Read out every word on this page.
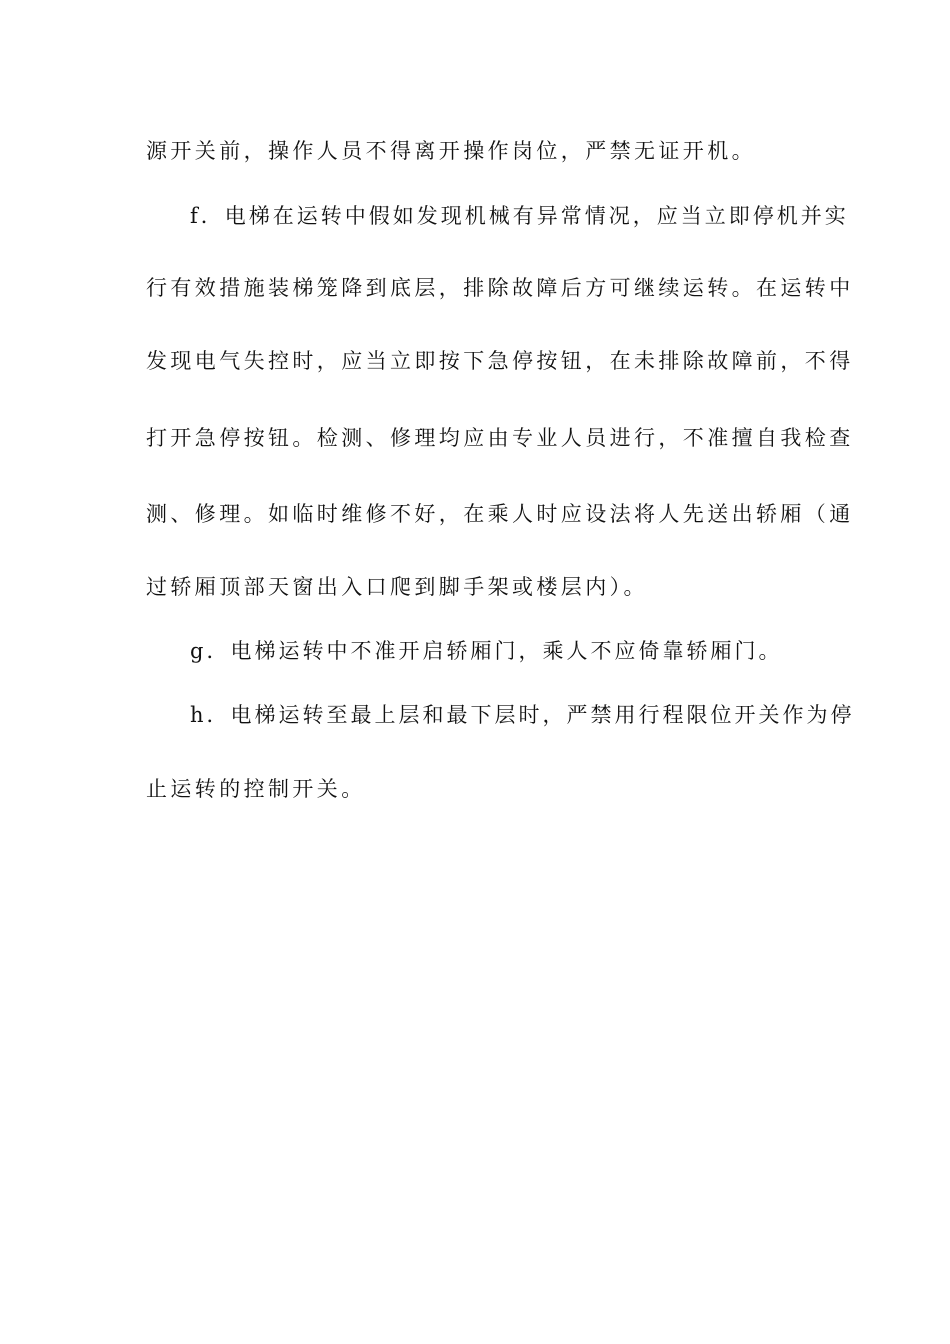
源开关前，操作人员不得离开操作岗位，严禁无证开机。
f．电梯在运转中假如发现机械有异常情况，应当立即停机并实
行有效措施装梯笼降到底层，排除故障后方可继续运转。在运转中
发现电气失控时，应当立即按下急停按钮，在未排除故障前，不得
打开急停按钮。检测、修理均应由专业人员进行，不准擅自我检查
测、修理。如临时维修不好，在乘人时应设法将人先送出轿厢（通
过轿厢顶部天窗出入口爬到脚手架或楼层内）。
g．电梯运转中不准开启轿厢门，乘人不应倚靠轿厢门。
h．电梯运转至最上层和最下层时，严禁用行程限位开关作为停
止运转的控制开关。
